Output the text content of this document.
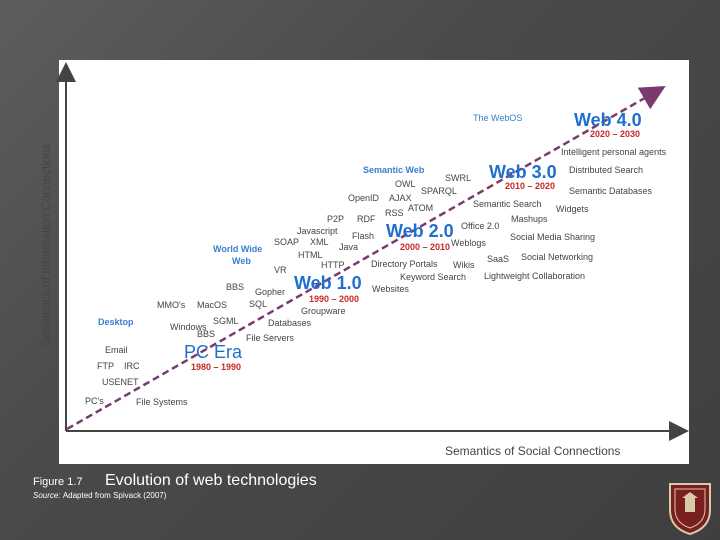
Semantics of Information Connections
Semantics of Social Connections
PC Era
1980 – 1990
Web 1.0
1990 – 2000
Web 2.0
2000 – 2010
Web 3.0
2010 – 2020
Web 4.0
2020 – 2030
Desktop
World Wide
Web
Semantic Web
The WebOS
Email
FTP IRC
USENET
PC's
Windows
MMO's MacOS
SGML
BBS
BBS Gopher
SQL
VR
HTML
SOAP XML
Javascript
Java
HTTP
Flash
P2P RDF
OpenID AJAX
RSS
OWL
SWRL
SPARQL
ATOM
File Systems
File Servers
Databases
Groupware
Websites
Keyword Search
Directory Portals Wikis
Lightweight Collaboration
SaaS Social Networking
Weblogs
Social Media Sharing
Office 2.0
Mashups
Semantic Search Widgets
Semantic Databases
Distributed Search
Intelligent personal agents
Figure 1.7 Evolution of web technologies
Source: Adapted from Spivack (2007)
